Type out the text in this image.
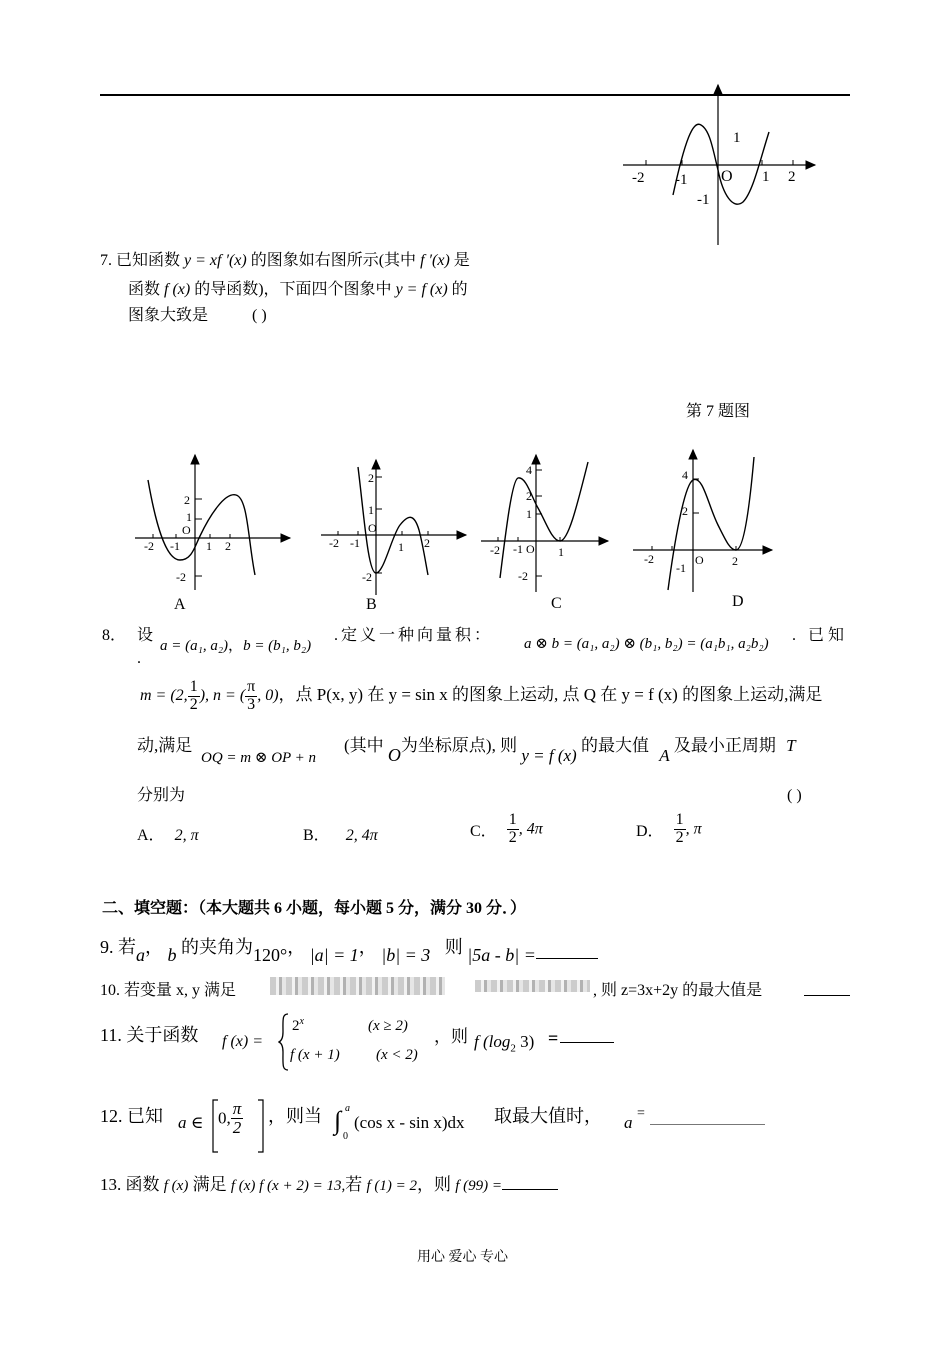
1
-2 -1 O 1 2
-1
7. 已知函数 y = xf ′(x) 的图象如右图所示(其中 f ′(x) 是
函数 f (x) 的导函数)，下面四个图象中 y = f (x) 的
图象大致是	( )
第 7 题图
2
1
O
-2 -1 1 2
-2
A
2
1
O
-2 -1	1 2
-2
B
4
2
1
-2 -1 O 1
-2
C
4
2
-2	O 2
-1
D
8． 设
a = (a₁, a₂)，b = (b₁, b₂)
.定义一种向量积： a ⊗ b = (a₁, a₂) ⊗ (b₁, b₂) = (a₁b₁, a₂b₂) . 已知
.
m = (2, $\frac{1}{2}$ ), n = ( $\frac{\pi}{3}$ , 0)，点 P(x, y) 在 y = sin x 的图象上运动, 点 Q 在 y = f (x) 的图象上运动,满足
OQ = m ⊗ OP + n
动,满足	(其中 O为坐标原点), 则 y = f (x) 的最大值 A 及最小正周期 T
分别为	( )
A． 2, π	B． 2, 4π	C． $\frac{1}{2}$ , 4π	D． $\frac{1}{2}$ , π
二、填空题：（本大题共 6 小题，每小题 5 分，满分 30 分．）
9. 若a， b 的夹角为120°， |a| = 1， |b| = 3 则 |5a - b| =
10. 若变量 x, y 满足	, 则 z=3x+2y 的最大值是
11. 关于函数 f (x) =
$2^x$	(x ≥ 2)
f (x + 1) (x < 2)
，则 f ($\log_2$ 3) =
12. 已知 a ∈ 0, $\frac{\pi}{2}$ ，则当 ∫ a
0
(cos x - sin x)dx 取最大值时， a =
13. 函数 f (x) 满足 f (x) f (x + 2) = 13,若 f (1) = 2，则 f (99) =
用心 爱心 专心
